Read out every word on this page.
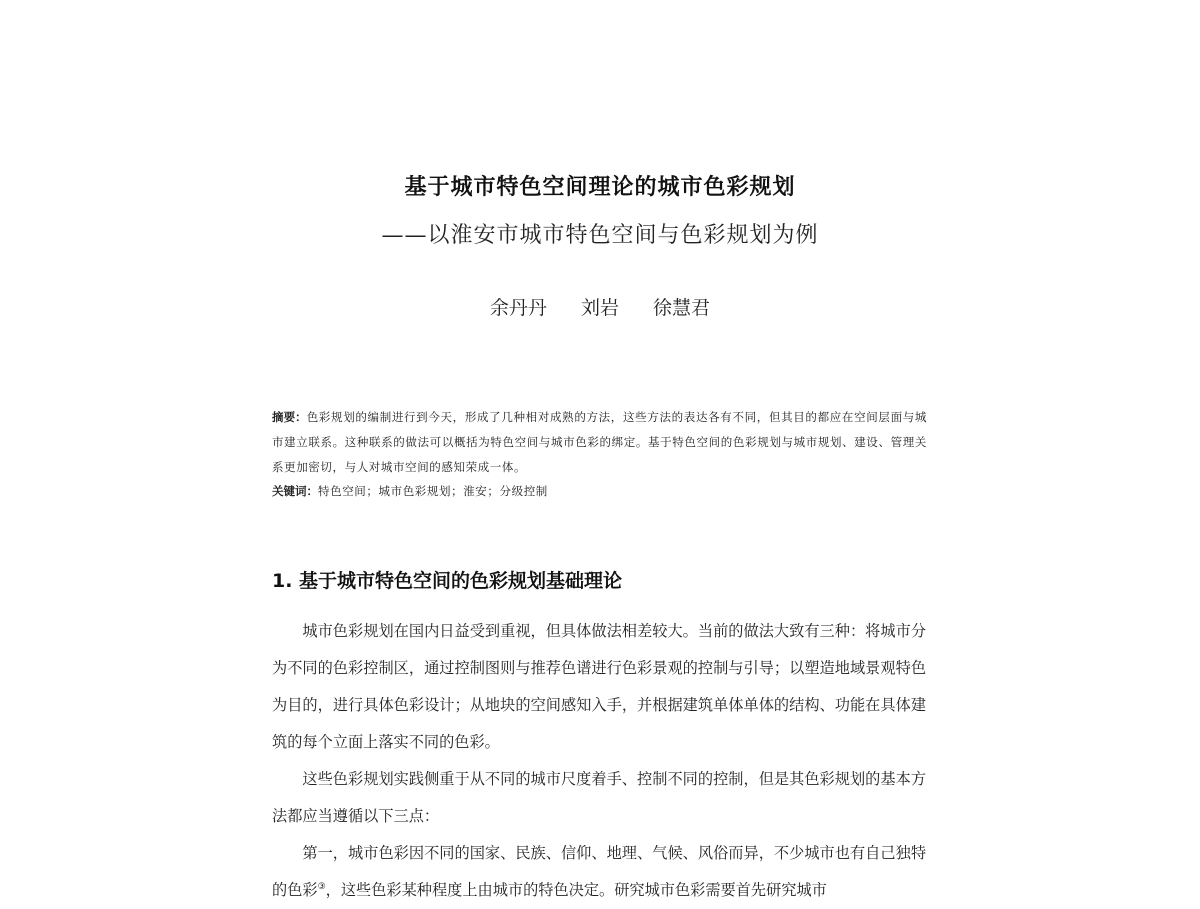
基于城市特色空间理论的城市色彩规划
——以淮安市城市特色空间与色彩规划为例
余丹丹 刘岩 徐慧君
摘要：色彩规划的编制进行到今天，形成了几种相对成熟的方法，这些方法的表达各有不同，但其目的都应在空间层面与城市建立联系。这种联系的做法可以概括为特色空间与城市色彩的绑定。基于特色空间的色彩规划与城市规划、建设、管理关系更加密切，与人对城市空间的感知荣成一体。
关键词：特色空间；城市色彩规划；淮安；分级控制
1. 基于城市特色空间的色彩规划基础理论

城市色彩规划在国内日益受到重视，但具体做法相差较大。当前的做法大致有三种：将城市分为不同的色彩控制区，通过控制图则与推荐色谱进行色彩景观的控制与引导；以塑造地域景观特色为目的，进行具体色彩设计；从地块的空间感知入手，并根据建筑单体单体的结构、功能在具体建筑的每个立面上落实不同的色彩。

这些色彩规划实践侧重于从不同的城市尺度着手、控制不同的控制，但是其色彩规划的基本方法都应当遵循以下三点：

第一，城市色彩因不同的国家、民族、信仰、地理、气候、风俗而异，不少城市也有自己独特的色彩③，这些色彩某种程度上由城市的特色决定。研究城市色彩需要首先研究城市
